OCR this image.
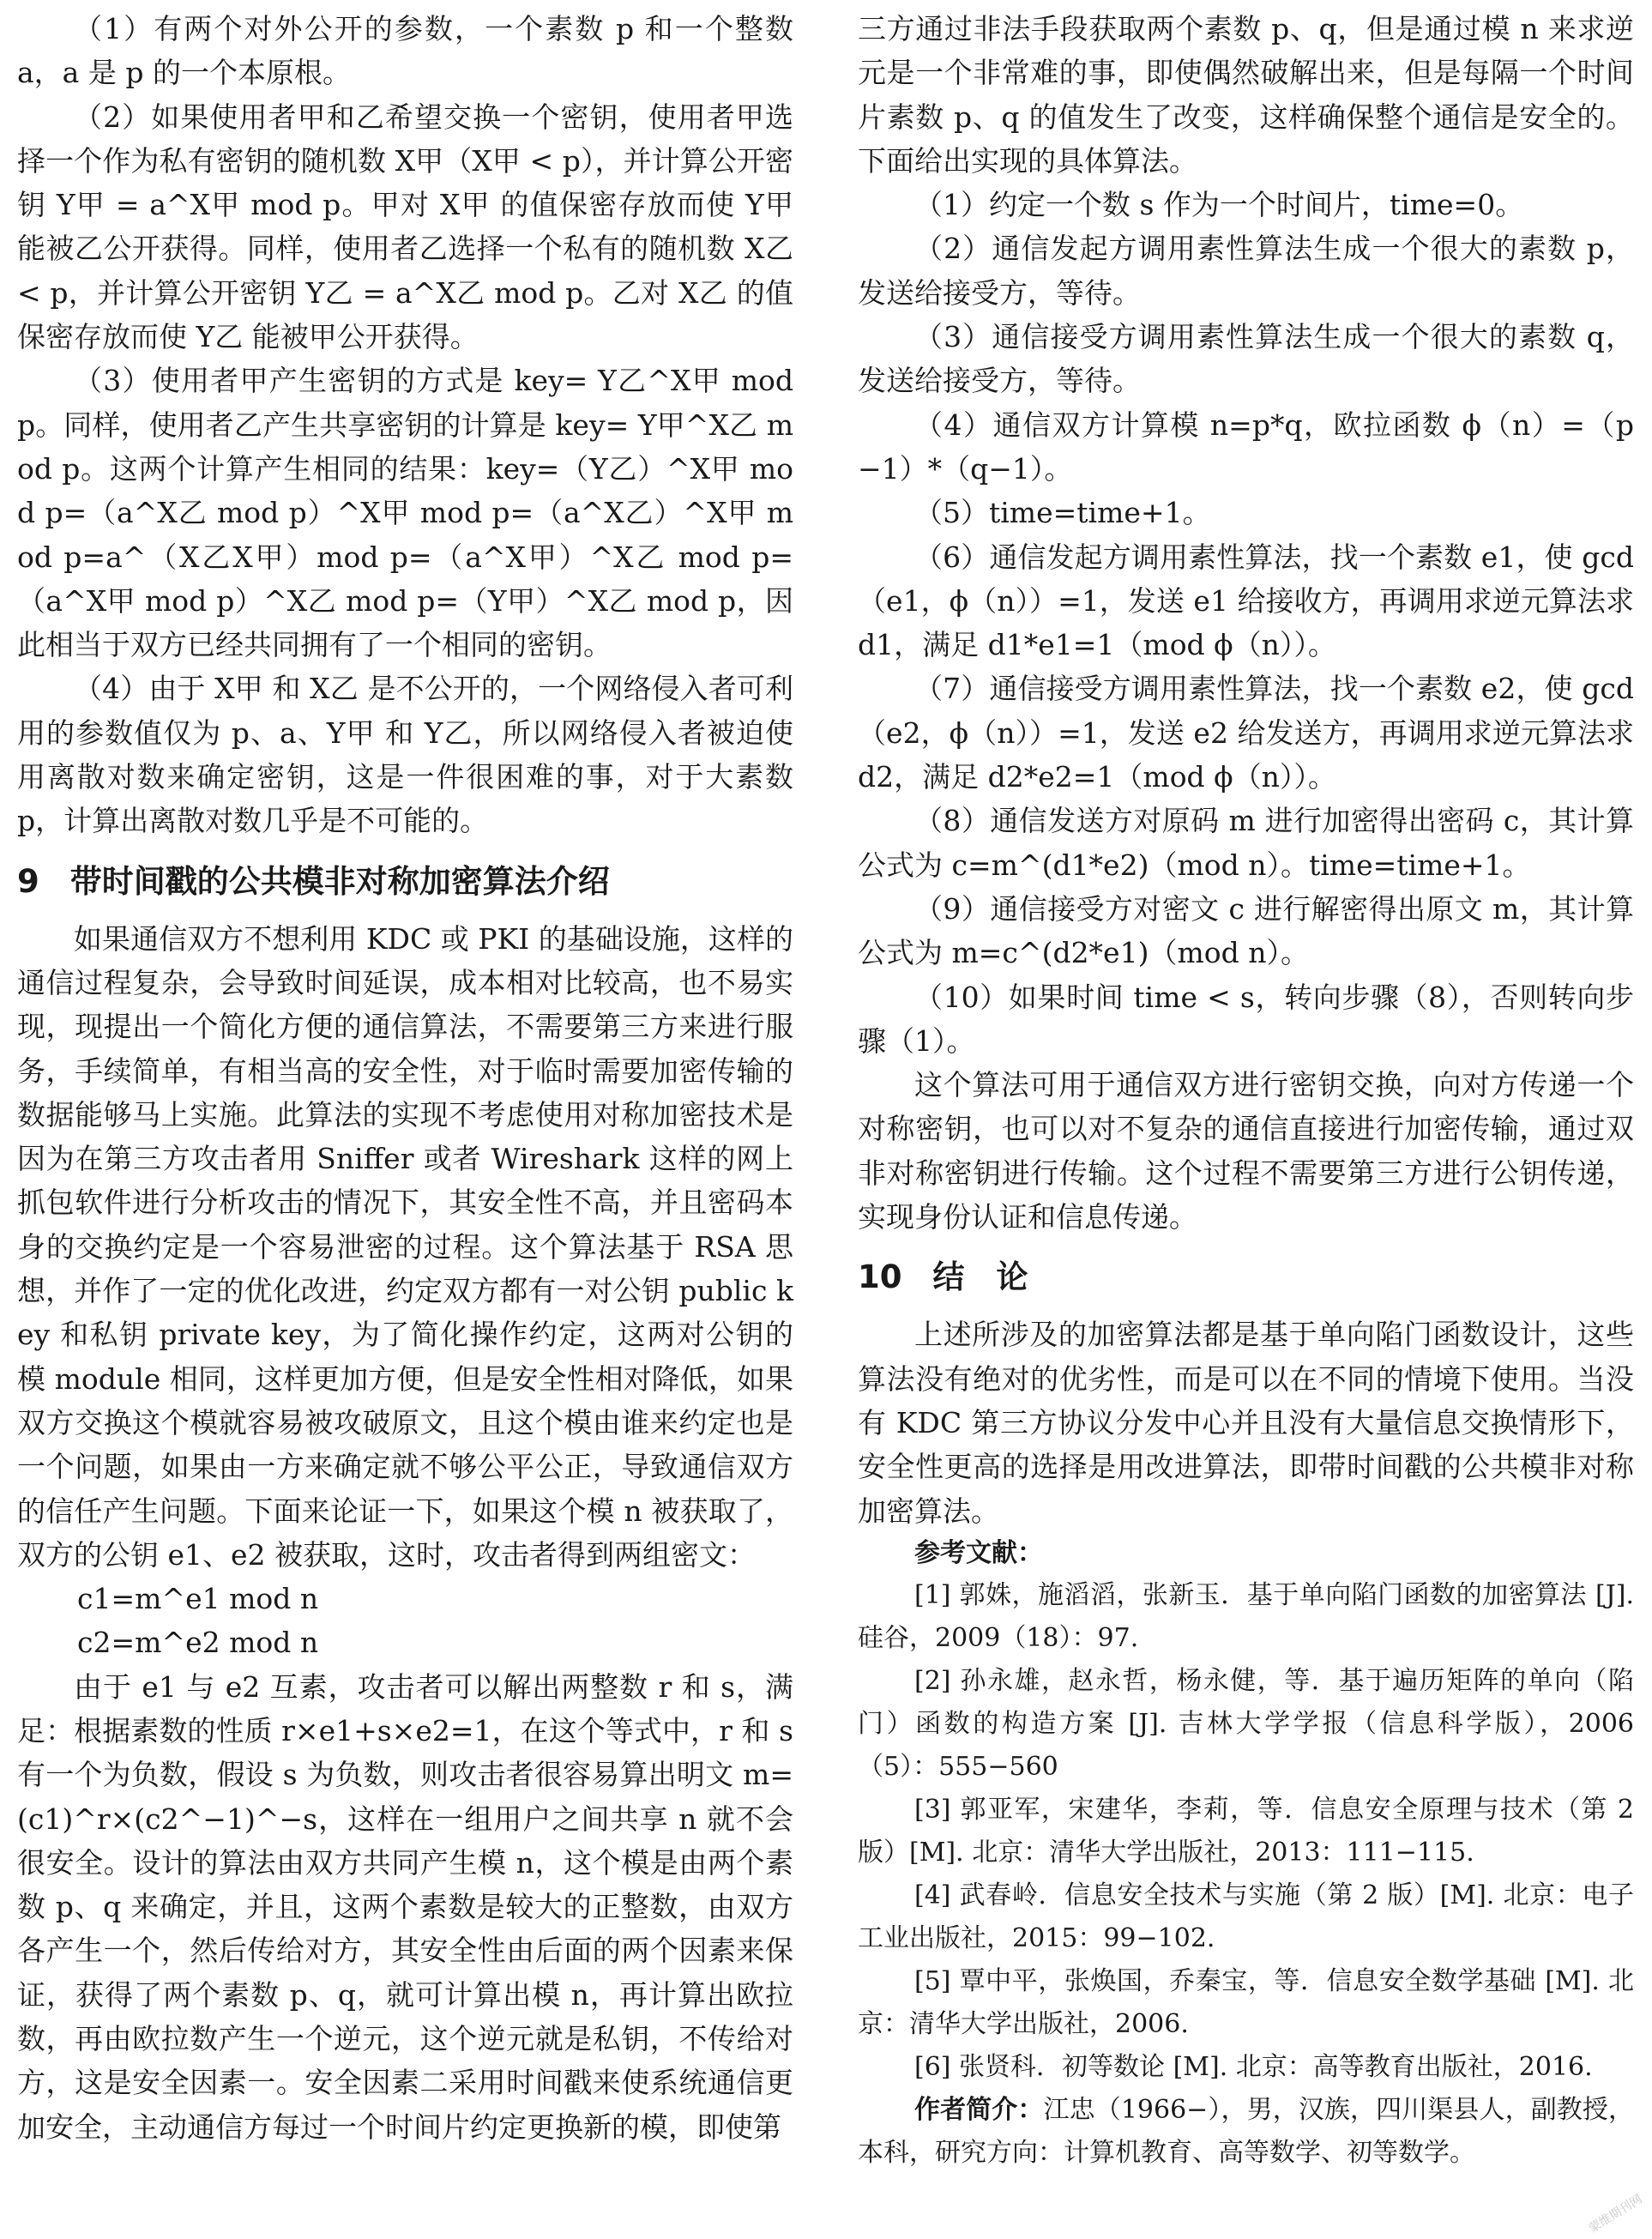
（1）有两个对外公开的参数，一个素数 p 和一个整数 a，a 是 p 的一个本原根。

（2）如果使用者甲和乙希望交换一个密钥，使用者甲选择一个作为私有密钥的随机数 X甲（X甲 < p），并计算公开密钥 Y甲 = a^X甲 mod p。甲对 X甲 的值保密存放而使 Y甲 能被乙公开获得。同样，使用者乙选择一个私有的随机数 X乙 < p，并计算公开密钥 Y乙 = a^X乙 mod p。乙对 X乙 的值保密存放而使 Y乙 能被甲公开获得。

（3）使用者甲产生密钥的方式是 key= Y乙^X甲 mod p。同样，使用者乙产生共享密钥的计算是 key= Y甲^X乙 mod p。这两个计算产生相同的结果：key=（Y乙）^X甲 mod p=（a^X乙 mod p）^X甲 mod p=（a^X乙）^X甲 mod p=a^（X乙X甲）mod p=（a^X甲）^X乙 mod p=（a^X甲 mod p）^X乙 mod p=（Y甲）^X乙 mod p，因此相当于双方已经共同拥有了一个相同的密钥。

（4）由于 X甲 和 X乙 是不公开的，一个网络侵入者可利用的参数值仅为 p、a、Y甲 和 Y乙，所以网络侵入者被迫使用离散对数来确定密钥，这是一件很困难的事，对于大素数 p，计算出离散对数几乎是不可能的。

9 带时间戳的公共模非对称加密算法介绍

如果通信双方不想利用 KDC 或 PKI 的基础设施，这样的通信过程复杂，会导致时间延误，成本相对比较高，也不易实现，现提出一个简化方便的通信算法，不需要第三方来进行服务，手续简单，有相当高的安全性，对于临时需要加密传输的数据能够马上实施。此算法的实现不考虑使用对称加密技术是因为在第三方攻击者用 Sniffer 或者 Wireshark 这样的网上抓包软件进行分析攻击的情况下，其安全性不高，并且密码本身的交换约定是一个容易泄密的过程。这个算法基于 RSA 思想，并作了一定的优化改进，约定双方都有一对公钥 public key 和私钥 private key，为了简化操作约定，这两对公钥的模 module 相同，这样更加方便，但是安全性相对降低，如果双方交换这个模就容易被攻破原文，且这个模由谁来约定也是一个问题，如果由一方来确定就不够公平公正，导致通信双方的信任产生问题。下面来论证一下，如果这个模 n 被获取了，双方的公钥 e1、e2 被获取，这时，攻击者得到两组密文：

c1=m^e1 mod n

c2=m^e2 mod n

由于 e1 与 e2 互素，攻击者可以解出两整数 r 和 s，满足：根据素数的性质 r×e1+s×e2=1，在这个等式中，r 和 s 有一个为负数，假设 s 为负数，则攻击者很容易算出明文 m=(c1)^r×(c2^−1)^−s，这样在一组用户之间共享 n 就不会很安全。设计的算法由双方共同产生模 n，这个模是由两个素数 p、q 来确定，并且，这两个素数是较大的正整数，由双方各产生一个，然后传给对方，其安全性由后面的两个因素来保证，获得了两个素数 p、q，就可计算出模 n，再计算出欧拉数，再由欧拉数产生一个逆元，这个逆元就是私钥，不传给对方，这是安全因素一。安全因素二采用时间戳来使系统通信更加安全，主动通信方每过一个时间片约定更换新的模，即使第

三方通过非法手段获取两个素数 p、q，但是通过模 n 来求逆元是一个非常难的事，即使偶然破解出来，但是每隔一个时间片素数 p、q 的值发生了改变，这样确保整个通信是安全的。下面给出实现的具体算法。

（1）约定一个数 s 作为一个时间片，time=0。

（2）通信发起方调用素性算法生成一个很大的素数 p，发送给接受方，等待。

（3）通信接受方调用素性算法生成一个很大的素数 q，发送给接受方，等待。

（4）通信双方计算模 n=p*q，欧拉函数 ϕ（n）=（p−1）*（q−1）。

（5）time=time+1。

（6）通信发起方调用素性算法，找一个素数 e1，使 gcd（e1，ϕ（n））=1，发送 e1 给接收方，再调用求逆元算法求 d1，满足 d1*e1=1（mod ϕ（n））。

（7）通信接受方调用素性算法，找一个素数 e2，使 gcd（e2，ϕ（n））=1，发送 e2 给发送方，再调用求逆元算法求 d2，满足 d2*e2=1（mod ϕ（n））。

（8）通信发送方对原码 m 进行加密得出密码 c，其计算公式为 c=m^(d1*e2)（mod n）。time=time+1。

（9）通信接受方对密文 c 进行解密得出原文 m，其计算公式为 m=c^(d2*e1)（mod n）。

（10）如果时间 time < s，转向步骤（8），否则转向步骤（1）。

这个算法可用于通信双方进行密钥交换，向对方传递一个对称密钥，也可以对不复杂的通信直接进行加密传输，通过双非对称密钥进行传输。这个过程不需要第三方进行公钥传递，实现身份认证和信息传递。

10 结　论

上述所涉及的加密算法都是基于单向陷门函数设计，这些算法没有绝对的优劣性，而是可以在不同的情境下使用。当没有 KDC 第三方协议分发中心并且没有大量信息交换情形下，安全性更高的选择是用改进算法，即带时间戳的公共模非对称加密算法。

参考文献：

[1] 郭姝，施滔滔，张新玉．基于单向陷门函数的加密算法 [J]. 硅谷，2009（18）：97.

[2] 孙永雄，赵永哲，杨永健，等．基于遍历矩阵的单向（陷门）函数的构造方案 [J]. 吉林大学学报（信息科学版），2006（5）：555−560

[3] 郭亚军，宋建华，李莉，等．信息安全原理与技术（第 2 版）[M]. 北京：清华大学出版社，2013：111−115.

[4] 武春岭．信息安全技术与实施（第 2 版）[M]. 北京：电子工业出版社，2015：99−102.

[5] 覃中平，张焕国，乔秦宝，等．信息安全数学基础 [M]. 北京：清华大学出版社，2006.

[6] 张贤科．初等数论 [M]. 北京：高等教育出版社，2016.

作者简介：江忠（1966−），男，汉族，四川渠县人，副教授，本科，研究方向：计算机教育、高等数学、初等数学。

蒙维期刊网
